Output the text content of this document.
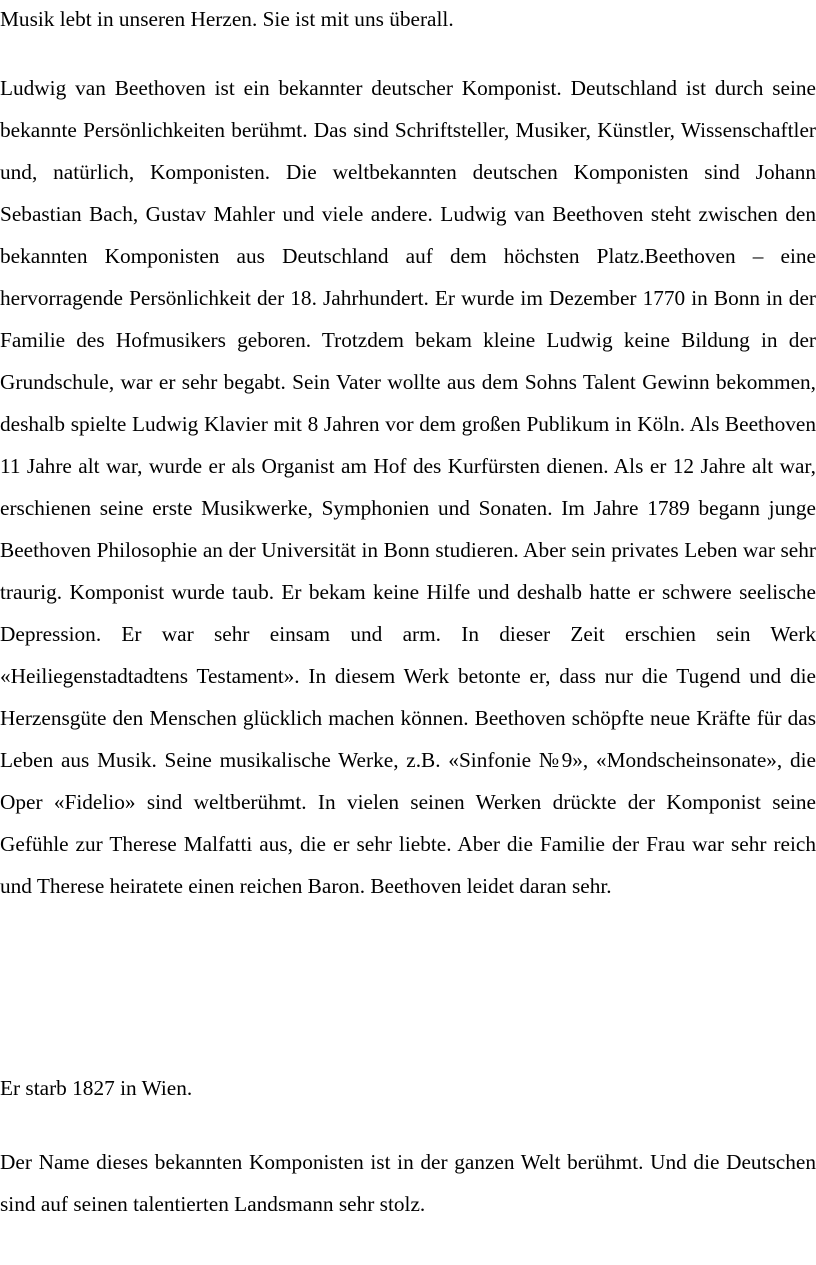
Musik lebt in unseren Herzen. Sie ist mit uns überall.

Ludwig van Beethoven ist ein bekannter deutscher Komponist. Deutschland ist durch seine bekannte Persönlichkeiten berühmt. Das sind Schriftsteller, Musiker, Künstler, Wissenschaftler und, natürlich, Komponisten. Die weltbekannten deutschen Komponisten sind Johann Sebastian Bach, Gustav Mahler und viele andere. Ludwig van Beethoven steht zwischen den bekannten Komponisten aus Deutschland auf dem höchsten Platz.Beethoven – eine hervorragende Persönlichkeit der 18. Jahrhundert. Er wurde im Dezember 1770 in Bonn in der Familie des Hofmusikers geboren. Trotzdem bekam kleine Ludwig keine Bildung in der Grundschule, war er sehr begabt. Sein Vater wollte aus dem Sohns Talent Gewinn bekommen, deshalb spielte Ludwig Klavier mit 8 Jahren vor dem großen Publikum in Köln. Als Beethoven 11 Jahre alt war, wurde er als Organist am Hof des Kurfürsten dienen. Als er 12 Jahre alt war, erschienen seine erste Musikwerke, Symphonien und Sonaten. Im Jahre 1789 begann junge Beethoven Philosophie an der Universität in Bonn studieren. Aber sein privates Leben war sehr traurig. Komponist wurde taub. Er bekam keine Hilfe und deshalb hatte er schwere seelische Depression. Er war sehr einsam und arm. In dieser Zeit erschien sein Werk «Heiliegenstadtadtens Testament». In diesem Werk betonte er, dass nur die Tugend und die Herzensgüte den Menschen glücklich machen können. Beethoven schöpfte neue Kräfte für das Leben aus Musik. Seine musikalische Werke, z.B. «Sinfonie №9», «Mondscheinsonate», die Oper «Fidelio» sind weltberühmt. In vielen seinen Werken drückte der Komponist seine Gefühle zur Therese Malfatti aus, die er sehr liebte. Aber die Familie der Frau war sehr reich und Therese heiratete einen reichen Baron. Beethoven leidet daran sehr.

Er starb 1827 in Wien.

Der Name dieses bekannten Komponisten ist in der ganzen Welt berühmt. Und die Deutschen sind auf seinen talentierten Landsmann sehr stolz.
